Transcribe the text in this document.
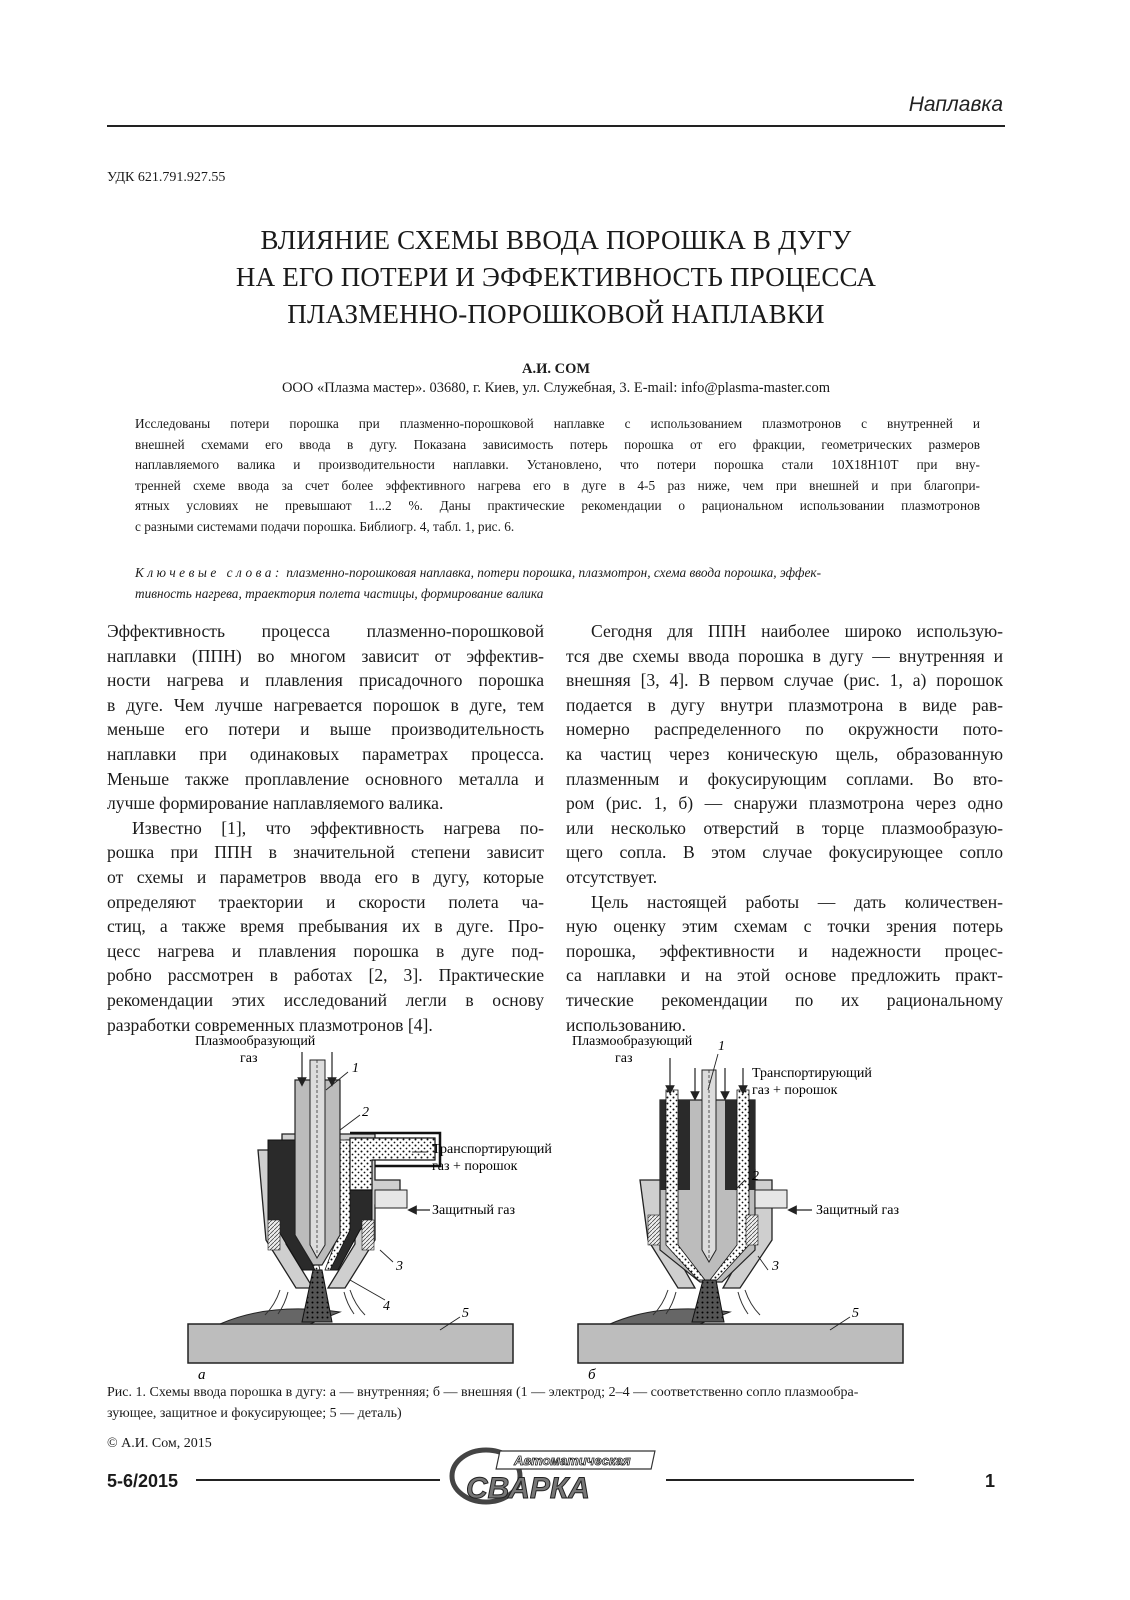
Наплавка
УДК 621.791.927.55
ВЛИЯНИЕ СХЕМЫ ВВОДА ПОРОШКА В ДУГУ
НА ЕГО ПОТЕРИ И ЭФФЕКТИВНОСТЬ ПРОЦЕССА
ПЛАЗМЕННО-ПОРОШКОВОЙ НАПЛАВКИ
А.И. СОМ
ООО «Плазма мастер». 03680, г. Киев, ул. Служебная, 3. E-mail: info@plasma-master.com
Исследованы потери порошка при плазменно-порошковой наплавке с использованием плазмотронов с внутренней и
внешней схемами его ввода в дугу. Показана зависимость потерь порошка от его фракции, геометрических размеров
наплавляемого валика и производительности наплавки. Установлено, что потери порошка стали 10Х18Н10Т при вну-
тренней схеме ввода за счет более эффективного нагрева его в дуге в 4-5 раз ниже, чем при внешней и при благопри-
ятных условиях не превышают 1...2 %. Даны практические рекомендации о рациональном использовании плазмотронов
с разными системами подачи порошка. Библиогр. 4, табл. 1, рис. 6.
Ключевые слова: плазменно-порошковая наплавка, потери порошка, плазмотрон, схема ввода порошка, эффек-
тивность нагрева, траектория полета частицы, формирование валика
Эффективность процесса плазменно-порошковой
наплавки (ППН) во многом зависит от эффектив-
ности нагрева и плавления присадочного порошка
в дуге. Чем лучше нагревается порошок в дуге, тем
меньше его потери и выше производительность
наплавки при одинаковых параметрах процесса.
Меньше также проплавление основного металла и
лучше формирование наплавляемого валика.
Известно [1], что эффективность нагрева по-
рошка при ППН в значительной степени зависит
от схемы и параметров ввода его в дугу, которые
определяют траектории и скорости полета ча-
стиц, а также время пребывания их в дуге. Про-
цесс нагрева и плавления порошка в дуге под-
робно рассмотрен в работах [2, 3]. Практические
рекомендации этих исследований легли в основу
разработки современных плазмотронов [4].
Сегодня для ППН наиболее широко использую-
тся две схемы ввода порошка в дугу — внутренняя и
внешняя [3, 4]. В первом случае (рис. 1, а) порошок
подается в дугу внутри плазмотрона в виде рав-
номерно распределенного по окружности пото-
ка частиц через коническую щель, образованную
плазменным и фокусирующим соплами. Во вто-
ром (рис. 1, б) — снаружи плазмотрона через одно
или несколько отверстий в торце плазмообразую-
щего сопла. В этом случае фокусирующее сопло
отсутствует.
Цель настоящей работы — дать количествен-
ную оценку этим схемам с точки зрения потерь
порошка, эффективности и надежности процес-
са наплавки и на этой основе предложить практ-
тические рекомендации по их рациональному
использованию.
Плазмообразующий
газ
Транспортирующий
газ + порошок
Защитный газ
1
2
3
4	5
а
Плазмообразующий
газ
Транспортирующий
газ + порошок
Защитный газ
1
2
3
5
б
Рис. 1. Схемы ввода порошка в дугу: а — внутренняя; б — внешняя (1 — электрод; 2–4 — соответственно сопло плазмообра-
зующее, защитное и фокусирующее; 5 — деталь)
© А.И. Сом, 2015
5-6/2015
Автоматическая
СВАРКА	1
